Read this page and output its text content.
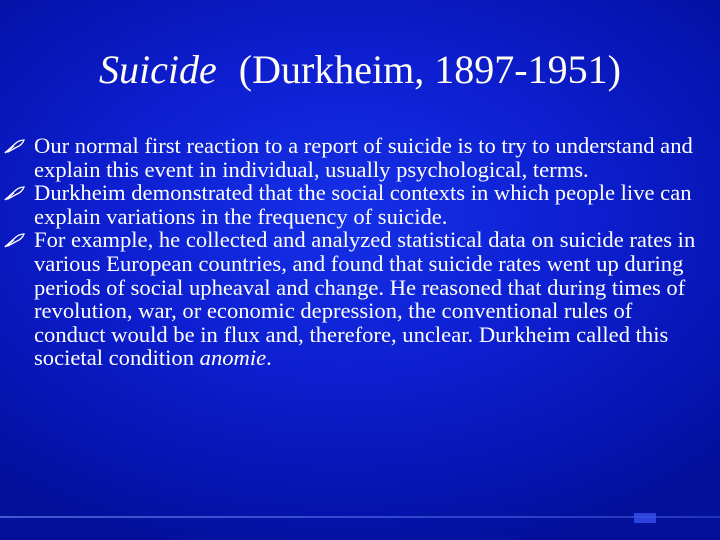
Suicide (Durkheim, 1897-1951)
Our normal first reaction to a report of suicide is to try to understand and explain this event in individual, usually psychological, terms.
Durkheim demonstrated that the social contexts in which people live can explain variations in the frequency of suicide.
For example, he collected and analyzed statistical data on suicide rates in various European countries, and found that suicide rates went up during periods of social upheaval and change. He reasoned that during times of revolution, war, or economic depression, the conventional rules of conduct would be in flux and, therefore, unclear. Durkheim called this societal condition anomie.
